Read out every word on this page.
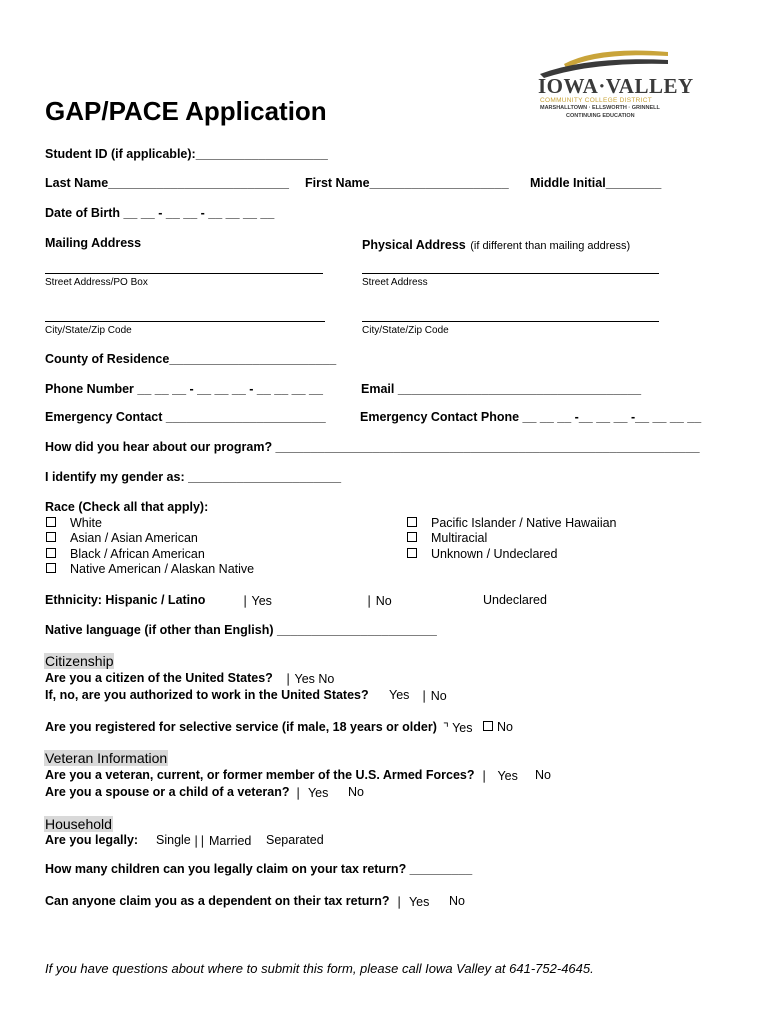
IOWA·VALLEY
COMMUNITY COLLEGE DISTRICT
MARSHALLTOWN · ELLSWORTH · GRINNELL
CONTINUING EDUCATION
GAP/PACE Application
Student ID (if applicable):___________________
Last Name__________________________ First Name____________________ Middle Initial________
Date of Birth __ __ - __ __ - __ __ __ __
Mailing Address	Physical Address (if different than mailing address)
Street Address/PO Box	Street Address
City/State/Zip Code	City/State/Zip Code
County of Residence________________________
Phone Number __ __ __ - __ __ __ - __ __ __ __	Email ___________________________________
Emergency Contact _______________________	Emergency Contact Phone __ __ __ -__ __ __ -__ __ __ __
How did you hear about our program? _____________________________________________________________
I identify my gender as: ______________________
Race (Check all that apply):
White
Asian / Asian American
Black / African American
Native American / Alaskan Native
Pacific Islander / Native Hawaiian
Multiracial
Unknown / Undeclared
Ethnicity: Hispanic / Latino	∣ Yes	∣ No	Undeclared
Native language (if other than English) _______________________
Citizenship
Are you a citizen of the United States? ∣ Yes No
If, no, are you authorized to work in the United States? Yes ∣ No
Are you registered for selective service (if male, 18 years or older) ⌝ Yes	No
Veteran Information
Are you a veteran, current, or former member of the U.S. Armed Forces? ∣   Yes No
Are you a spouse or a child of a veteran? ∣  Yes No
Household
Are you legally: Single ∣∣ Married Separated
How many children can you legally claim on your tax return? _________
Can anyone claim you as a dependent on their tax return? ∣  Yes No
If you have questions about where to submit this form, please call Iowa Valley at 641-752-4645.
